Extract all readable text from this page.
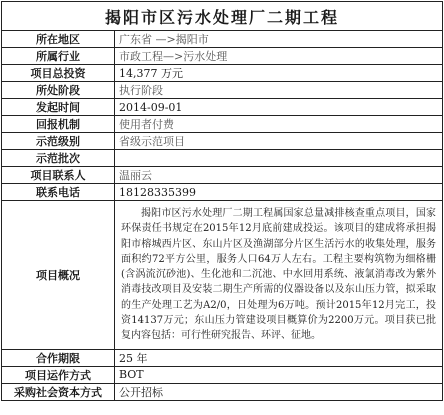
揭阳市区污水处理厂二期工程
所在地区	广东省 —>揭阳市
所属行业	市政工程—>污水处理
项目总投资	14,377 万元
所处阶段	执行阶段
发起时间	2014-09-01
回报机制	使用者付费
示范级别	省级示范项目
示范批次	
项目联系人	温丽云
联系电话	18128335399
项目概况	揭阳市区污水处理厂二期工程属国家总量减排核查重点项目，国家环保责任书规定在2015年12月底前建成投运。该项目的建成将承担揭阳市榕城西片区、东山片区及渔湖部分片区生活污水的收集处理，服务面积约72平方公里，服务人口64万人左右。工程主要构筑物为细格栅(含涡流沉砂池)、生化池和二沉池、中水回用系统、液氯消毒改为紫外消毒技改项目及安装二期生产所需的仪器设备以及东山压力管，拟采取的生产处理工艺为A2/0，日处理为6万吨。预计2015年12月完工，投资14137万元；东山压力管建设项目概算价为2200万元。项目获已批复内容包括：可行性研究报告、环评、征地。
合作期限	25 年
项目运作方式	BOT
采购社会资本方式	公开招标
